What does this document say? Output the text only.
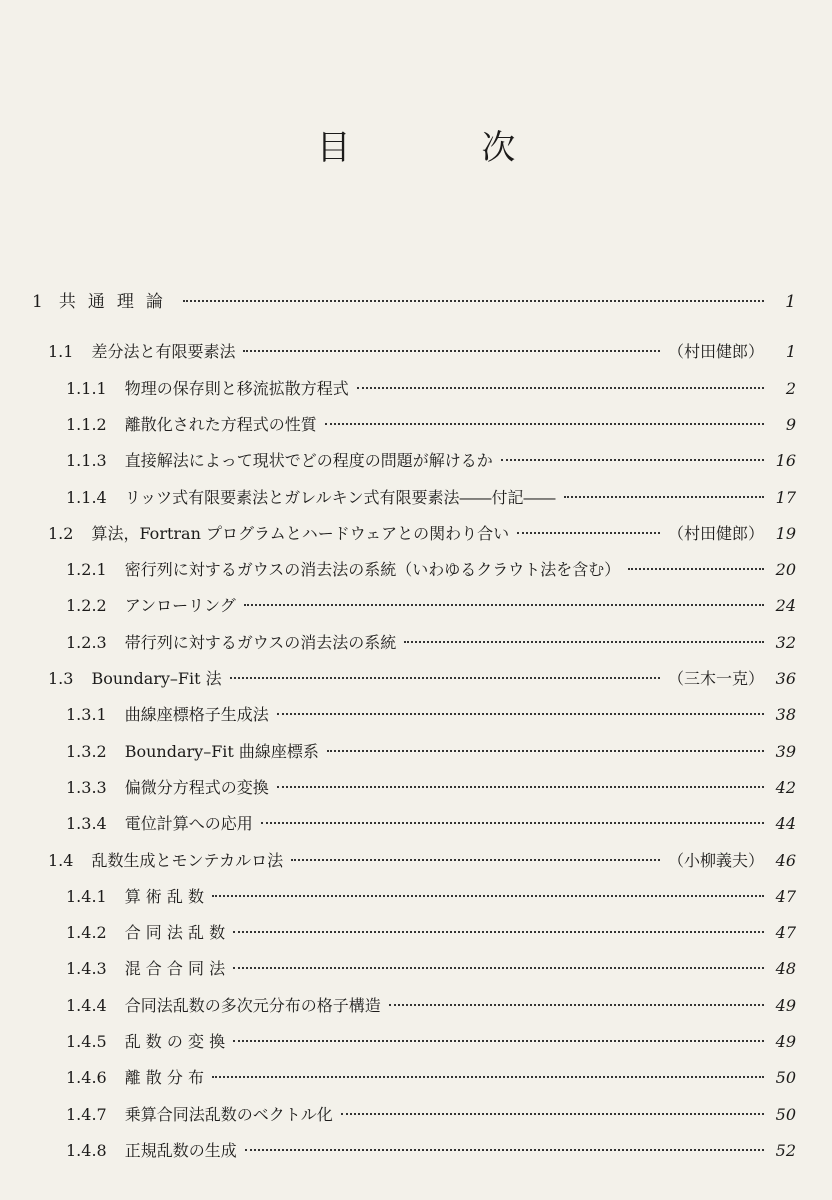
目 次
1 共通理論	1
1.1 差分法と有限要素法	（村田健郎）	1
1.1.1 物理の保存則と移流拡散方程式	2
1.1.2 離散化された方程式の性質	9
1.1.3 直接解法によって現状でどの程度の問題が解けるか	16
1.1.4 リッツ式有限要素法とガレルキン式有限要素法――付記――	17
1.2 算法，Fortran プログラムとハードウェアとの関わり合い	（村田健郎） 19
1.2.1 密行列に対するガウスの消去法の系統（いわゆるクラウト法を含む）	20
1.2.2 アンローリング	24
1.2.3 帯行列に対するガウスの消去法の系統	32
1.3 Boundary–Fit 法	（三木一克） 36
1.3.1 曲線座標格子生成法	38
1.3.2 Boundary–Fit 曲線座標系	39
1.3.3 偏微分方程式の変換	42
1.3.4 電位計算への応用	44
1.4 乱数生成とモンテカルロ法	（小柳義夫） 46
1.4.1 算 術 乱 数	47
1.4.2 合 同 法 乱 数	47
1.4.3 混 合 合 同 法	48
1.4.4 合同法乱数の多次元分布の格子構造	49
1.4.5 乱 数 の 変 換	49
1.4.6 離 散 分 布	50
1.4.7 乗算合同法乱数のベクトル化	50
1.4.8 正規乱数の生成	52
